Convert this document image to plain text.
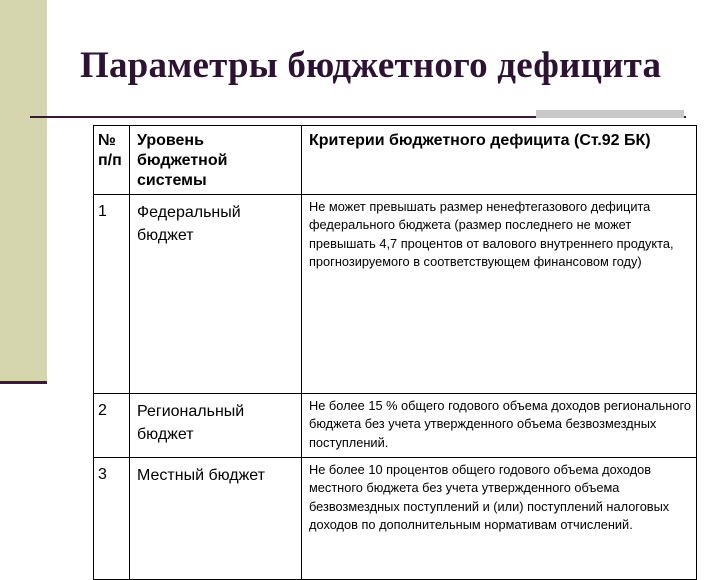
Параметры бюджетного дефицита
№ п/п	Уровень бюджетной системы	Критерии бюджетного дефицита (Ст.92 БК)
1	Федеральный бюджет	Не может превышать размер ненефтегазового дефицита федерального бюджета (размер последнего не может превышать 4,7 процентов от валового внутреннего продукта, прогнозируемого в соответствующем финансовом году)
2	Региональный бюджет	Не более 15 % общего годового объема доходов регионального бюджета без учета утвержденного объема безвозмездных поступлений.
3	Местный бюджет	Не более 10 процентов общего годового объема доходов местного бюджета без учета утвержденного объема безвозмездных поступлений и (или) поступлений налоговых доходов по дополнительным нормативам отчислений.
